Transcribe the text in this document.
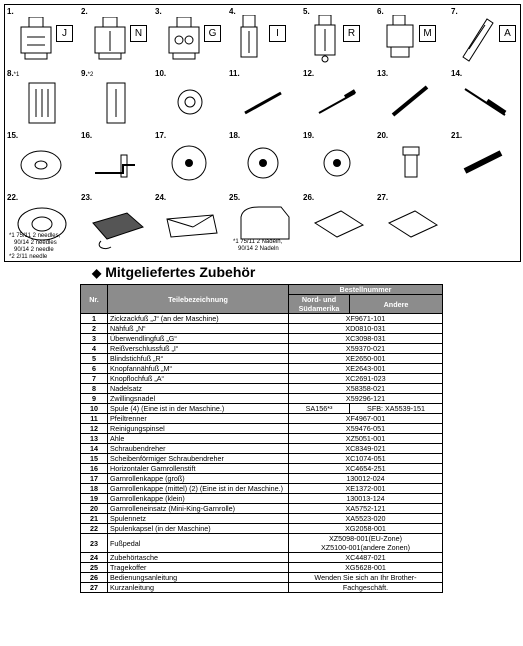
1.
J
2.
N
3.
G
4.
I
5.
R
6.
M
7.
A
8.*1	9.*2	10.	11.	12.	13.	14.
15.	16.	17.	18.	19.	20.	21.
22.
*1 75/11 2 needles,
90/14 2 needles
90/14 2 needle
*2 2/11 needle
23.	24.	25.
*1 75/11 2 Nadeln,
90/14 2 Nadeln
26.	27.
◆ Mitgeliefertes Zubehör
Nr.	Teilebezeichnung	Bestellnummer	
		Nord- und Südamerika	Andere
1	Zickzackfuß „J“ (an der Maschine)	XF9671-101	
2	Nähfuß „N“	XD0810-031	
3	Überwendlingfuß „G“	XC3098-031	
4	Reißverschlussfuß „I“	X59370-021	
5	Blindstichfuß „R“	XE2650-001	
6	Knopfannähfuß „M“	XE2643-001	
7	Knopflochfuß „A“	XC2691-023	
8	Nadelsatz	X58358-021	
9	Zwillingsnadel	X59296-121	
10	Spule (4) (Eine ist in der Maschine.)	SA156*³	SFB: XA5539-151
11	Pfeiltrenner	XF4967-001	
12	Reinigungspinsel	X59476-051	
13	Ahle	XZ5051-001	
14	Schraubendreher	XC8349-021	
15	Scheibenförmiger Schraubendreher	XC1074-051	
16	Horizontaler Garnrollenstift	XC4654-251	
17	Garnrollenkappe (groß)	130012-024	
18	Garnrollenkappe (mittel) (2) (Eine ist in der Maschine.)	XE1372-001	
19	Garnrollenkappe (klein)	130013-124	
20	Garnrolleneinsatz (Mini-King-Garnrolle)	XA5752-121	
21	Spulennetz	XA5523-020	
22	Spulenkapsel (in der Maschine)	XG2058-001	
23	Fußpedal	XZ5098-001(EU-Zone)
XZ5100-001(andere Zonen)	

24	Zubehörtasche	XC4487-021	
25	Tragekoffer	XG5628-001	
26	Bedienungsanleitung	Wenden Sie sich an Ihr Brother-	
27	Kurzanleitung	Fachgeschäft.	
